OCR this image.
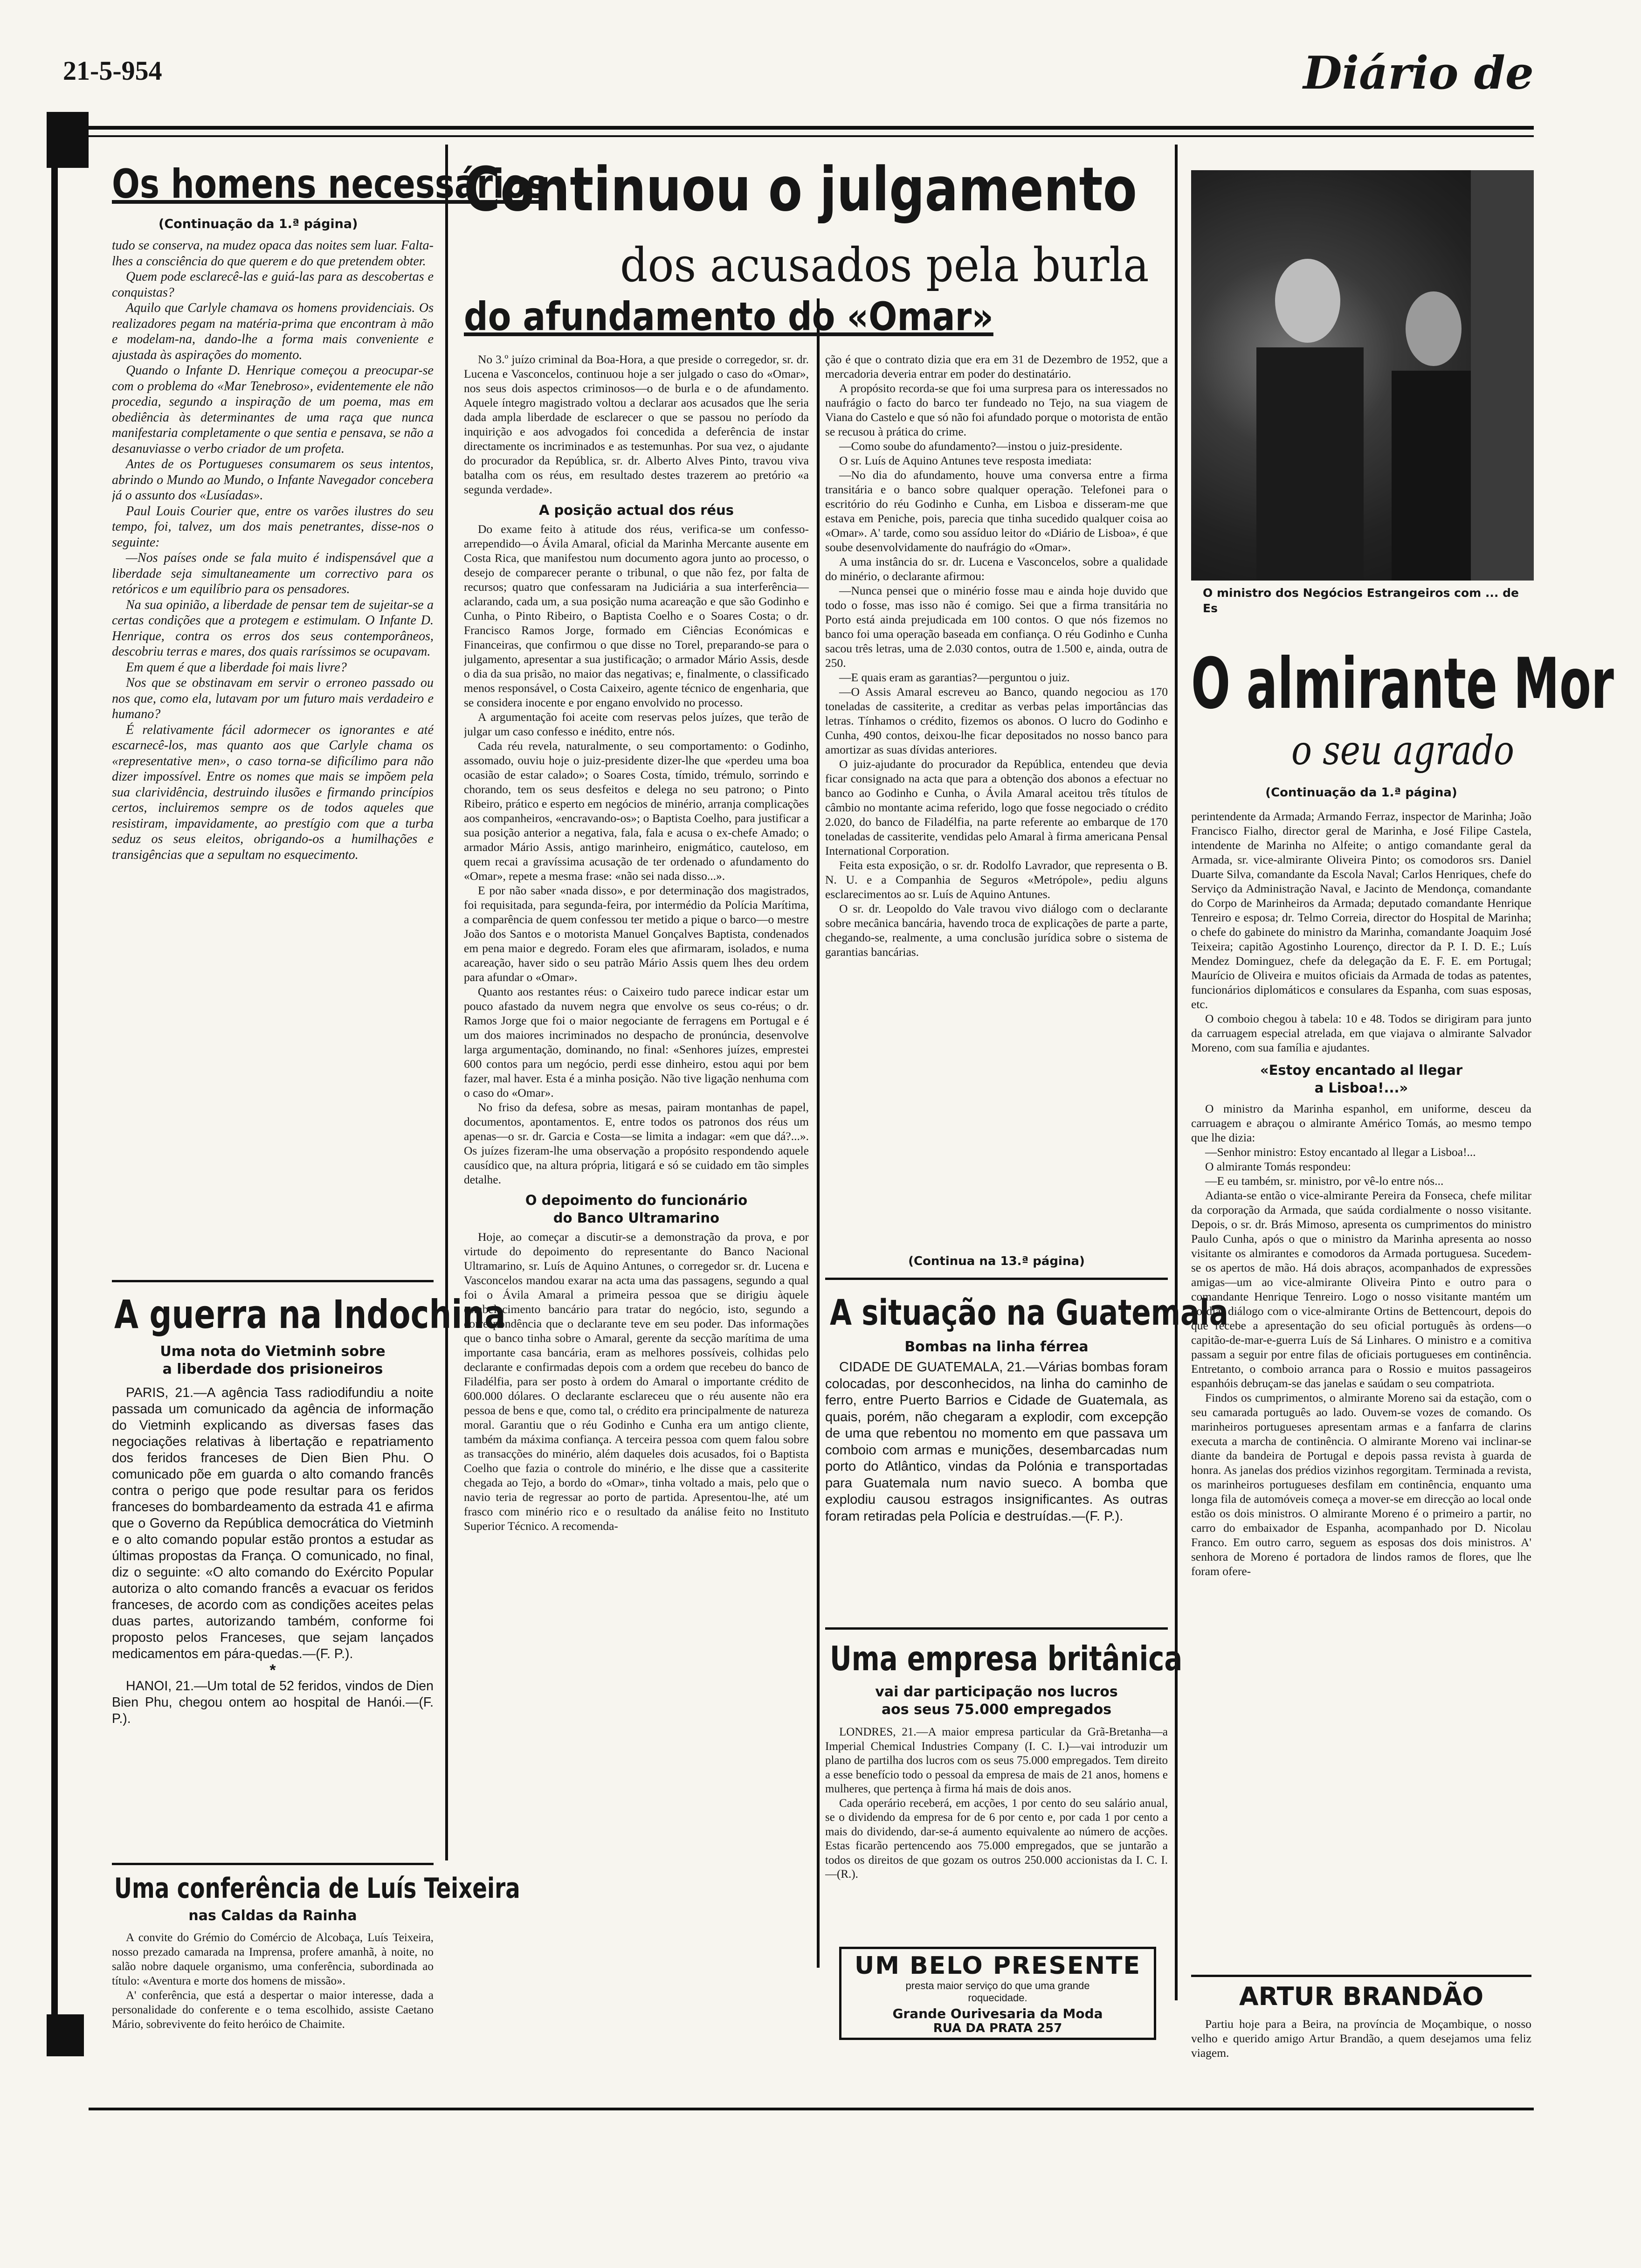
21-5-954	Diário de
Os homens necessários
(Continuação da 1.ª página)

tudo se conserva, na mudez opaca das noites sem luar. Falta-lhes a consciência do que querem e do que pretendem obter.

Quem pode esclarecê-las e guiá-las para as descobertas e conquistas?

Aquilo que Carlyle chamava os homens providenciais. Os realizadores pegam na matéria-prima que encontram à mão e modelam-na, dando-lhe a forma mais conveniente e ajustada às aspirações do momento.

Quando o Infante D. Henrique começou a preocupar-se com o problema do «Mar Tenebroso», evidentemente ele não procedia, segundo a inspiração de um poema, mas em obediência às determinantes de uma raça que nunca manifestaria completamente o que sentia e pensava, se não a desanuviasse o verbo criador de um profeta.

Antes de os Portugueses consumarem os seus intentos, abrindo o Mundo ao Mundo, o Infante Navegador concebera já o assunto dos «Lusíadas».

Paul Louis Courier que, entre os varões ilustres do seu tempo, foi, talvez, um dos mais penetrantes, disse-nos o seguinte:

—Nos países onde se fala muito é indispensável que a liberdade seja simultaneamente um correctivo para os retóricos e um equilíbrio para os pensadores.

Na sua opinião, a liberdade de pensar tem de sujeitar-se a certas condições que a protegem e estimulam. O Infante D. Henrique, contra os erros dos seus contemporâneos, descobriu terras e mares, dos quais raríssimos se ocupavam.

Em quem é que a liberdade foi mais livre?

Nos que se obstinavam em servir o erroneo passado ou nos que, como ela, lutavam por um futuro mais verdadeiro e humano?

É relativamente fácil adormecer os ignorantes e até escarnecê-los, mas quanto aos que Carlyle chama os «representative men», o caso torna-se dificílimo para não dizer impossível. Entre os nomes que mais se impõem pela sua clarividência, destruindo ilusões e firmando princípios certos, incluiremos sempre os de todos aqueles que resistiram, impavidamente, ao prestígio com que a turba seduz os seus eleitos, obrigando-os a humilhações e transigências que a sepultam no esquecimento.

A guerra na Indochina
Uma nota do Vietminh sobre
a liberdade dos prisioneiros

PARIS, 21.—A agência Tass radiodifundiu a noite passada um comunicado da agência de informação do Vietminh explicando as diversas fases das negociações relativas à libertação e repatriamento dos feridos franceses de Dien Bien Phu. O comunicado põe em guarda o alto comando francês contra o perigo que pode resultar para os feridos franceses do bombardeamento da estrada 41 e afirma que o Governo da República democrática do Vietminh e o alto comando popular estão prontos a estudar as últimas propostas da França. O comunicado, no final, diz o seguinte: «O alto comando do Exército Popular autoriza o alto comando francês a evacuar os feridos franceses, de acordo com as condições aceites pelas duas partes, autorizando também, conforme foi proposto pelos Franceses, que sejam lançados medicamentos em pára-quedas.—(F. P.).

*

HANOI, 21.—Um total de 52 feridos, vindos de Dien Bien Phu, chegou ontem ao hospital de Hanói.—(F. P.).

Uma conferência de Luís Teixeira
nas Caldas da Rainha

A convite do Grémio do Comércio de Alcobaça, Luís Teixeira, nosso prezado camarada na Imprensa, profere amanhã, à noite, no salão nobre daquele organismo, uma conferência, subordinada ao título: «Aventura e morte dos homens de missão».

A' conferência, que está a despertar o maior interesse, dada a personalidade do conferente e o tema escolhido, assiste Caetano Mário, sobrevivente do feito heróico de Chaimite.

Continuou o julgamento
dos acusados pela burla
do afundamento do «Omar»

No 3.º juízo criminal da Boa-Hora, a que preside o corregedor, sr. dr. Lucena e Vasconcelos, continuou hoje a ser julgado o caso do «Omar», nos seus dois aspectos criminosos—o de burla e o de afundamento. Aquele íntegro magistrado voltou a declarar aos acusados que lhe seria dada ampla liberdade de esclarecer o que se passou no período da inquirição e aos advogados foi concedida a deferência de instar directamente os incriminados e as testemunhas. Por sua vez, o ajudante do procurador da República, sr. dr. Alberto Alves Pinto, travou viva batalha com os réus, em resultado destes trazerem ao pretório «a segunda verdade».

A posição actual dos réus

Do exame feito à atitude dos réus, verifica-se um confesso-arrependido—o Ávila Amaral, oficial da Marinha Mercante ausente em Costa Rica, que manifestou num documento agora junto ao processo, o desejo de comparecer perante o tribunal, o que não fez, por falta de recursos; quatro que confessaram na Judiciária a sua interferência—aclarando, cada um, a sua posição numa acareação e que são Godinho e Cunha, o Pinto Ribeiro, o Baptista Coelho e o Soares Costa; o dr. Francisco Ramos Jorge, formado em Ciências Económicas e Financeiras, que confirmou o que disse no Torel, preparando-se para o julgamento, apresentar a sua justificação; o armador Mário Assis, desde o dia da sua prisão, no maior das negativas; e, finalmente, o classificado menos responsável, o Costa Caixeiro, agente técnico de engenharia, que se considera inocente e por engano envolvido no processo.

A argumentação foi aceite com reservas pelos juízes, que terão de julgar um caso confesso e inédito, entre nós.

Cada réu revela, naturalmente, o seu comportamento: o Godinho, assomado, ouviu hoje o juiz-presidente dizer-lhe que «perdeu uma boa ocasião de estar calado»; o Soares Costa, tímido, trémulo, sorrindo e chorando, tem os seus desfeitos e delega no seu patrono; o Pinto Ribeiro, prático e esperto em negócios de minério, arranja complicações aos companheiros, «encravando-os»; o Baptista Coelho, para justificar a sua posição anterior a negativa, fala, fala e acusa o ex-chefe Amado; o armador Mário Assis, antigo marinheiro, enigmático, cauteloso, em quem recai a gravíssima acusação de ter ordenado o afundamento do «Omar», repete a mesma frase: «não sei nada disso...».

E por não saber «nada disso», e por determinação dos magistrados, foi requisitada, para segunda-feira, por intermédio da Polícia Marítima, a comparência de quem confessou ter metido a pique o barco—o mestre João dos Santos e o motorista Manuel Gonçalves Baptista, condenados em pena maior e degredo. Foram eles que afirmaram, isolados, e numa acareação, haver sido o seu patrão Mário Assis quem lhes deu ordem para afundar o «Omar».

Quanto aos restantes réus: o Caixeiro tudo parece indicar estar um pouco afastado da nuvem negra que envolve os seus co-réus; o dr. Ramos Jorge que foi o maior negociante de ferragens em Portugal e é um dos maiores incriminados no despacho de pronúncia, desenvolve larga argumentação, dominando, no final: «Senhores juízes, emprestei 600 contos para um negócio, perdi esse dinheiro, estou aqui por bem fazer, mal haver. Esta é a minha posição. Não tive ligação nenhuma com o caso do «Omar».

No friso da defesa, sobre as mesas, pairam montanhas de papel, documentos, apontamentos. E, entre todos os patronos dos réus um apenas—o sr. dr. Garcia e Costa—se limita a indagar: «em que dá?...». Os juízes fizeram-lhe uma observação a propósito respondendo aquele causídico que, na altura própria, litigará e só se cuidado em tão simples detalhe.

O depoimento do funcionário
do Banco Ultramarino

Hoje, ao começar a discutir-se a demonstração da prova, e por virtude do depoimento do representante do Banco Nacional Ultramarino, sr. Luís de Aquino Antunes, o corregedor sr. dr. Lucena e Vasconcelos mandou exarar na acta uma das passagens, segundo a qual foi o Ávila Amaral a primeira pessoa que se dirigiu àquele estabelecimento bancário para tratar do negócio, isto, segundo a correspondência que o declarante teve em seu poder. Das informações que o banco tinha sobre o Amaral, gerente da secção marítima de uma importante casa bancária, eram as melhores possíveis, colhidas pelo declarante e confirmadas depois com a ordem que recebeu do banco de Filadélfia, para ser posto à ordem do Amaral o importante crédito de 600.000 dólares. O declarante esclareceu que o réu ausente não era pessoa de bens e que, como tal, o crédito era principalmente de natureza moral. Garantiu que o réu Godinho e Cunha era um antigo cliente, também da máxima confiança. A terceira pessoa com quem falou sobre as transacções do minério, além daqueles dois acusados, foi o Baptista Coelho que fazia o controle do minério, e lhe disse que a cassiterite chegada ao Tejo, a bordo do «Omar», tinha voltado a mais, pelo que o navio teria de regressar ao porto de partida. Apresentou-lhe, até um frasco com minério rico e o resultado da análise feito no Instituto Superior Técnico. A recomenda-

ção é que o contrato dizia que era em 31 de Dezembro de 1952, que a mercadoria deveria entrar em poder do destinatário.

A propósito recorda-se que foi uma surpresa para os interessados no naufrágio o facto do barco ter fundeado no Tejo, na sua viagem de Viana do Castelo e que só não foi afundado porque o motorista de então se recusou à prática do crime.

—Como soube do afundamento?—instou o juiz-presidente.

O sr. Luís de Aquino Antunes teve resposta imediata:

—No dia do afundamento, houve uma conversa entre a firma transitária e o banco sobre qualquer operação. Telefonei para o escritório do réu Godinho e Cunha, em Lisboa e disseram-me que estava em Peniche, pois, parecia que tinha sucedido qualquer coisa ao «Omar». A' tarde, como sou assíduo leitor do «Diário de Lisboa», é que soube desenvolvidamente do naufrágio do «Omar».

A uma instância do sr. dr. Lucena e Vasconcelos, sobre a qualidade do minério, o declarante afirmou:

—Nunca pensei que o minério fosse mau e ainda hoje duvido que todo o fosse, mas isso não é comigo. Sei que a firma transitária no Porto está ainda prejudicada em 100 contos. O que nós fizemos no banco foi uma operação baseada em confiança. O réu Godinho e Cunha sacou três letras, uma de 2.030 contos, outra de 1.500 e, ainda, outra de 250.

—E quais eram as garantias?—perguntou o juiz.

—O Assis Amaral escreveu ao Banco, quando negociou as 170 toneladas de cassiterite, a creditar as verbas pelas importâncias das letras. Tínhamos o crédito, fizemos os abonos. O lucro do Godinho e Cunha, 490 contos, deixou-lhe ficar depositados no nosso banco para amortizar as suas dívidas anteriores.

O juiz-ajudante do procurador da República, entendeu que devia ficar consignado na acta que para a obtenção dos abonos a efectuar no banco ao Godinho e Cunha, o Ávila Amaral aceitou três títulos de câmbio no montante acima referido, logo que fosse negociado o crédito 2.020, do banco de Filadélfia, na parte referente ao embarque de 170 toneladas de cassiterite, vendidas pelo Amaral à firma americana Pensal International Corporation.

Feita esta exposição, o sr. dr. Rodolfo Lavrador, que representa o B. N. U. e a Companhia de Seguros «Metrópole», pediu alguns esclarecimentos ao sr. Luís de Aquino Antunes.

O sr. dr. Leopoldo do Vale travou vivo diálogo com o declarante sobre mecânica bancária, havendo troca de explicações de parte a parte, chegando-se, realmente, a uma conclusão jurídica sobre o sistema de garantias bancárias.

(Continua na 13.ª página)
A situação na Guatemala
Bombas na linha férrea

CIDADE DE GUATEMALA, 21.—Várias bombas foram colocadas, por desconhecidos, na linha do caminho de ferro, entre Puerto Barrios e Cidade de Guatemala, as quais, porém, não chegaram a explodir, com excepção de uma que rebentou no momento em que passava um comboio com armas e munições, desembarcadas num porto do Atlântico, vindas da Polónia e transportadas para Guatemala num navio sueco. A bomba que explodiu causou estragos insignificantes. As outras foram retiradas pela Polícia e destruídas.—(F. P.).

Uma empresa britânica
vai dar participação nos lucros
aos seus 75.000 empregados

LONDRES, 21.—A maior empresa particular da Grã-Bretanha—a Imperial Chemical Industries Company (I. C. I.)—vai introduzir um plano de partilha dos lucros com os seus 75.000 empregados. Tem direito a esse benefício todo o pessoal da empresa de mais de 21 anos, homens e mulheres, que pertença à firma há mais de dois anos.

Cada operário receberá, em acções, 1 por cento do seu salário anual, se o dividendo da empresa for de 6 por cento e, por cada 1 por cento a mais do dividendo, dar-se-á aumento equivalente ao número de acções. Estas ficarão pertencendo aos 75.000 empregados, que se juntarão a todos os direitos de que gozam os outros 250.000 accionistas da I. C. I.—(R.).

UM BELO PRESENTE
presta maior serviço do que uma grande
roquecidade.
Grande Ourivesaria da Moda
RUA DA PRATA 257
O ministro dos Negócios Estrangeiros com ... de Es
O almirante Mor
o seu agrado
(Continuação da 1.ª página)

perintendente da Armada; Armando Ferraz, inspector de Marinha; João Francisco Fialho, director geral de Marinha, e José Filipe Castela, intendente de Marinha no Alfeite; o antigo comandante geral da Armada, sr. vice-almirante Oliveira Pinto; os comodoros srs. Daniel Duarte Silva, comandante da Escola Naval; Carlos Henriques, chefe do Serviço da Administração Naval, e Jacinto de Mendonça, comandante do Corpo de Marinheiros da Armada; deputado comandante Henrique Tenreiro e esposa; dr. Telmo Correia, director do Hospital de Marinha; o chefe do gabinete do ministro da Marinha, comandante Joaquim José Teixeira; capitão Agostinho Lourenço, director da P. I. D. E.; Luís Mendez Dominguez, chefe da delegação da E. F. E. em Portugal; Maurício de Oliveira e muitos oficiais da Armada de todas as patentes, funcionários diplomáticos e consulares da Espanha, com suas esposas, etc.

O comboio chegou à tabela: 10 e 48. Todos se dirigiram para junto da carruagem especial atrelada, em que viajava o almirante Salvador Moreno, com sua família e ajudantes.

«Estoy encantado al llegar
a Lisboa!...»

O ministro da Marinha espanhol, em uniforme, desceu da carruagem e abraçou o almirante Américo Tomás, ao mesmo tempo que lhe dizia:

—Senhor ministro: Estoy encantado al llegar a Lisboa!...

O almirante Tomás respondeu:

—E eu também, sr. ministro, por vê-lo entre nós...

Adianta-se então o vice-almirante Pereira da Fonseca, chefe militar da corporação da Armada, que saúda cordialmente o nosso visitante. Depois, o sr. dr. Brás Mimoso, apresenta os cumprimentos do ministro Paulo Cunha, após o que o ministro da Marinha apresenta ao nosso visitante os almirantes e comodoros da Armada portuguesa. Sucedem-se os apertos de mão. Há dois abraços, acompanhados de expressões amigas—um ao vice-almirante Oliveira Pinto e outro para o comandante Henrique Tenreiro. Logo o nosso visitante mantém um cordial diálogo com o vice-almirante Ortins de Bettencourt, depois do que recebe a apresentação do seu oficial português às ordens—o capitão-de-mar-e-guerra Luís de Sá Linhares. O ministro e a comitiva passam a seguir por entre filas de oficiais portugueses em continência. Entretanto, o comboio arranca para o Rossio e muitos passageiros espanhóis debruçam-se das janelas e saúdam o seu compatriota.

Findos os cumprimentos, o almirante Moreno sai da estação, com o seu camarada português ao lado. Ouvem-se vozes de comando. Os marinheiros portugueses apresentam armas e a fanfarra de clarins executa a marcha de continência. O almirante Moreno vai inclinar-se diante da bandeira de Portugal e depois passa revista à guarda de honra. As janelas dos prédios vizinhos regorgitam. Terminada a revista, os marinheiros portugueses desfilam em continência, enquanto uma longa fila de automóveis começa a mover-se em direcção ao local onde estão os dois ministros. O almirante Moreno é o primeiro a partir, no carro do embaixador de Espanha, acompanhado por D. Nicolau Franco. Em outro carro, seguem as esposas dos dois ministros. A' senhora de Moreno é portadora de lindos ramos de flores, que lhe foram ofere-

ARTUR BRANDÃO

Partiu hoje para a Beira, na província de Moçambique, o nosso velho e querido amigo Artur Brandão, a quem desejamos uma feliz viagem.
